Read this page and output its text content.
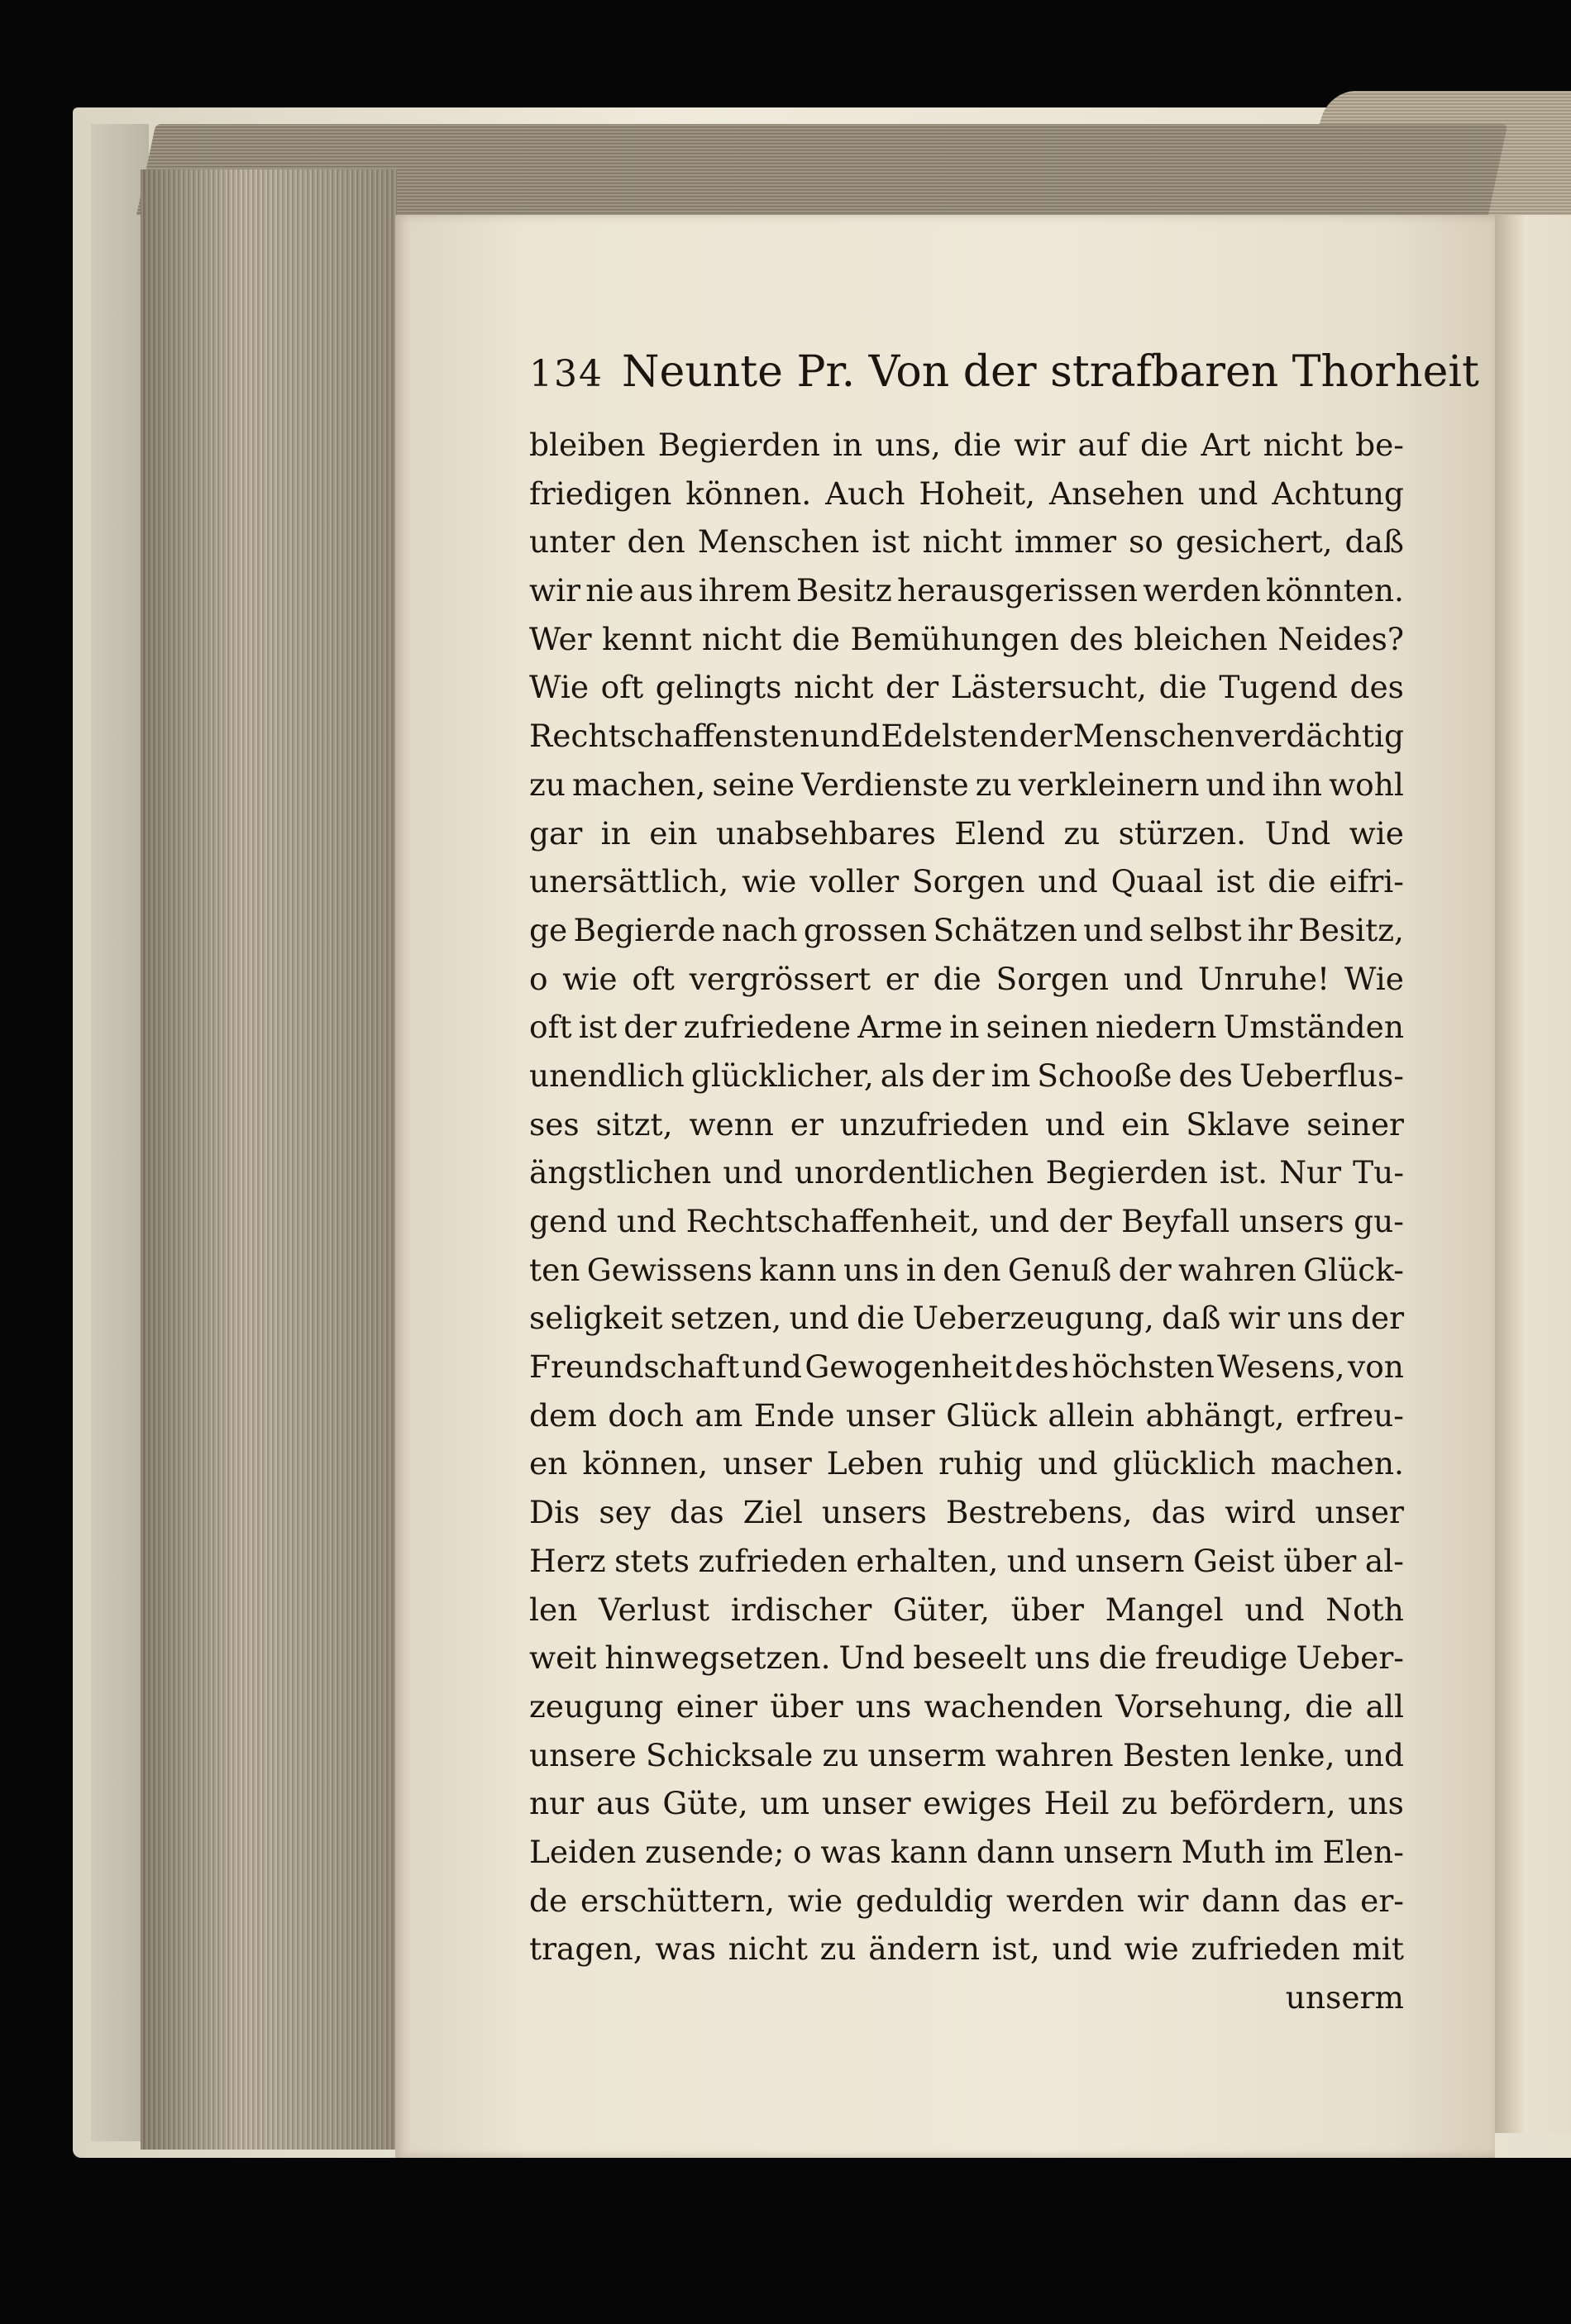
134 Neunte Pr. Von der strafbaren Thorheit
bleiben Begierden in uns, die wir auf die Art nicht be-
friedigen können. Auch Hoheit, Ansehen und Achtung
unter den Menschen ist nicht immer so gesichert, daß
wir nie aus ihrem Besitz herausgerissen werden könnten.
Wer kennt nicht die Bemühungen des bleichen Neides?
Wie oft gelingts nicht der Lästersucht, die Tugend des
Rechtschaffensten und Edelsten der Menschen verdächtig
zu machen, seine Verdienste zu verkleinern und ihn wohl
gar in ein unabsehbares Elend zu stürzen. Und wie
unersättlich, wie voller Sorgen und Quaal ist die eifri-
ge Begierde nach grossen Schätzen und selbst ihr Besitz,
o wie oft vergrössert er die Sorgen und Unruhe! Wie
oft ist der zufriedene Arme in seinen niedern Umständen
unendlich glücklicher, als der im Schooße des Ueberflus-
ses sitzt, wenn er unzufrieden und ein Sklave seiner
ängstlichen und unordentlichen Begierden ist. Nur Tu-
gend und Rechtschaffenheit, und der Beyfall unsers gu-
ten Gewissens kann uns in den Genuß der wahren Glück-
seligkeit setzen, und die Ueberzeugung, daß wir uns der
Freundschaft und Gewogenheit des höchsten Wesens, von
dem doch am Ende unser Glück allein abhängt, erfreu-
en können, unser Leben ruhig und glücklich machen.
Dis sey das Ziel unsers Bestrebens, das wird unser
Herz stets zufrieden erhalten, und unsern Geist über al-
len Verlust irdischer Güter, über Mangel und Noth
weit hinwegsetzen. Und beseelt uns die freudige Ueber-
zeugung einer über uns wachenden Vorsehung, die all
unsere Schicksale zu unserm wahren Besten lenke, und
nur aus Güte, um unser ewiges Heil zu befördern, uns
Leiden zusende; o was kann dann unsern Muth im Elen-
de erschüttern, wie geduldig werden wir dann das er-
tragen, was nicht zu ändern ist, und wie zufrieden mit
unserm
